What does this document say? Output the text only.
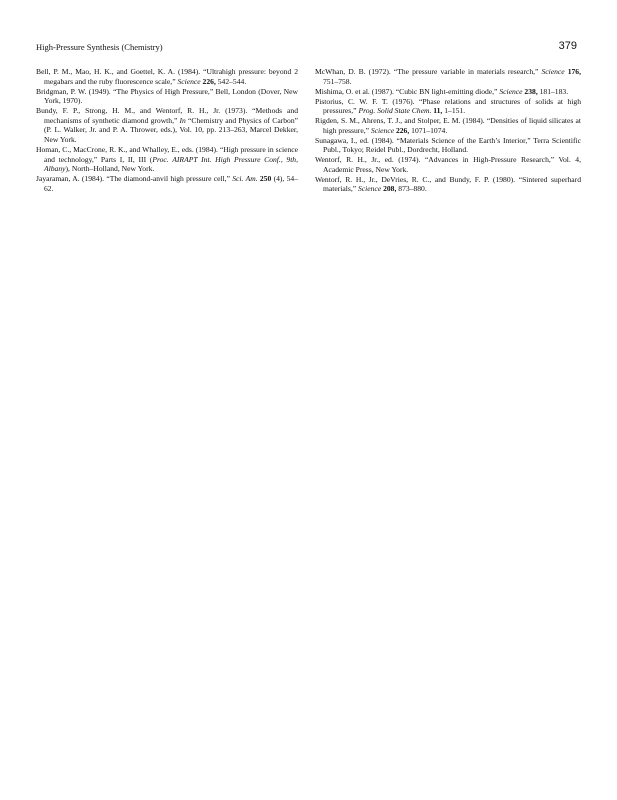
High-Pressure Synthesis (Chemistry)	379

Bell, P. M., Mao, H. K., and Goettel, K. A. (1984). “Ultrahigh pressure: beyond 2 megabars and the ruby fluorescence scale,” Science 226, 542–544.

Bridgman, P. W. (1949). “The Physics of High Pressure,” Bell, London (Dover, New York, 1970).

Bundy, F. P., Strong, H. M., and Wentorf, R. H., Jr. (1973). “Methods and mechanisms of synthetic diamond growth,” In “Chemistry and Physics of Carbon” (P. L. Walker, Jr. and P. A. Thrower, eds.), Vol. 10, pp. 213–263, Marcel Dekker, New York.

Homan, C., MacCrone, R. K., and Whalley, E., eds. (1984). “High pressure in science and technology,” Parts I, II, III (Proc. AIRAPT Int. High Pressure Conf., 9th, Albany), North–Holland, New York.

Jayaraman, A. (1984). “The diamond-anvil high pressure cell,” Sci. Am. 250 (4), 54–62.

McWhan, D. B. (1972). “The pressure variable in materials research,” Science 176, 751–758.

Mishima, O. et al. (1987). “Cubic BN light-emitting diode,” Science 238, 181–183.

Pistorius, C. W. F. T. (1976). “Phase relations and structures of solids at high pressures,” Prog. Solid State Chem. 11, 1–151.

Rigden, S. M., Ahrens, T. J., and Stolper, E. M. (1984). “Densities of liquid silicates at high pressure,” Science 226, 1071–1074.

Sunagawa, I., ed. (1984). “Materials Science of the Earth’s Interior,” Terra Scientific Publ., Tokyo; Reidel Publ., Dordrecht, Holland.

Wentorf, R. H., Jr., ed. (1974). “Advances in High-Pressure Research,” Vol. 4, Academic Press, New York.

Wentorf, R. H., Jr., DeVries, R. C., and Bundy, F. P. (1980). “Sintered superhard materials,” Science 208, 873–880.
